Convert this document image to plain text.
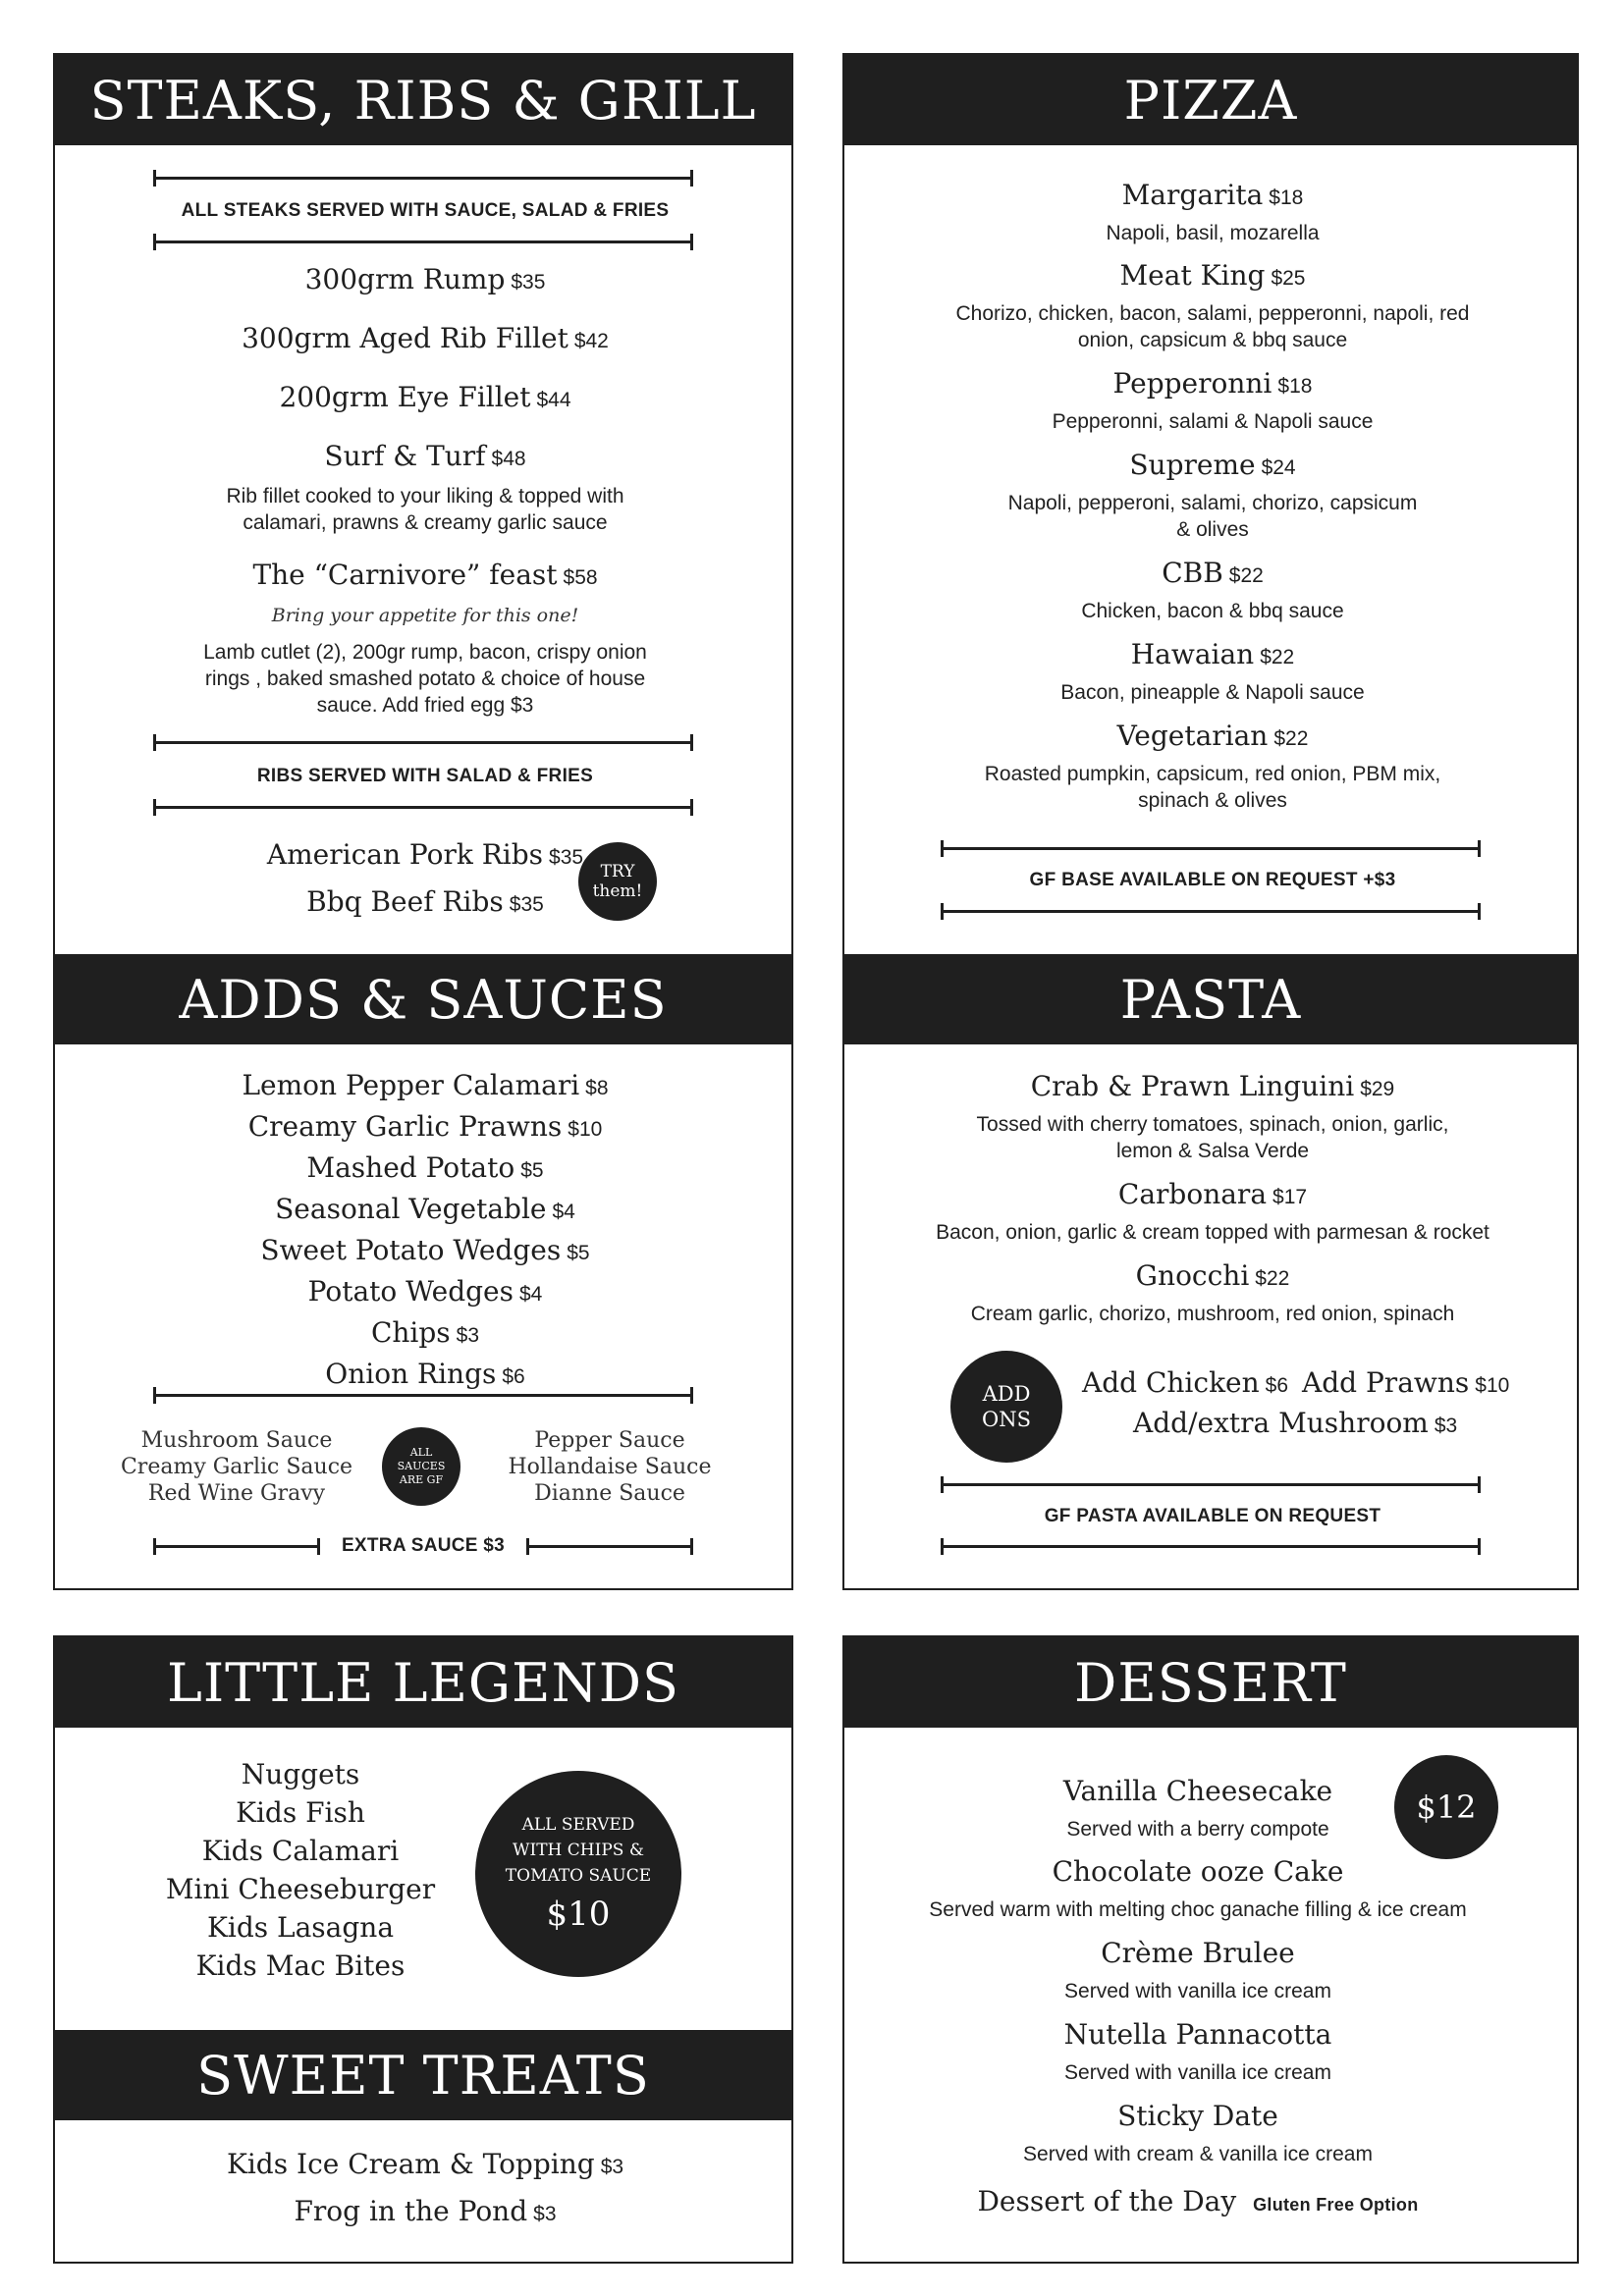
STEAKS, RIBS & GRILL
ALL STEAKS SERVED WITH SAUCE, SALAD & FRIES
300grm Rump $35
300grm Aged Rib Fillet $42
200grm Eye Fillet $44
Surf & Turf $48
Rib fillet cooked to your liking & topped with calamari, prawns & creamy garlic sauce
The “Carnivore” feast $58
Bring your appetite for this one!
Lamb cutlet (2), 200gr rump, bacon, crispy onion rings , baked smashed potato & choice of house sauce. Add fried egg $3
RIBS SERVED WITH SALAD & FRIES
American Pork Ribs $35
Bbq Beef Ribs $35
TRY
them!
ADDS & SAUCES
Lemon Pepper Calamari $8
Creamy Garlic Prawns $10
Mashed Potato $5
Seasonal Vegetable $4
Sweet Potato Wedges $5
Potato Wedges $4
Chips $3
Onion Rings $6
Mushroom Sauce
Creamy Garlic Sauce
Red Wine Gravy
ALL
SAUCES
ARE GF
Pepper Sauce
Hollandaise Sauce
Dianne Sauce
EXTRA SAUCE $3
PIZZA
Margarita $18
Napoli, basil, mozarella
Meat King $25
Chorizo, chicken, bacon, salami, pepperonni, napoli, red onion, capsicum & bbq sauce
Pepperonni $18
Pepperonni, salami & Napoli sauce
Supreme $24
Napoli, pepperoni, salami, chorizo, capsicum & olives
CBB $22
Chicken, bacon & bbq sauce
Hawaian $22
Bacon, pineapple & Napoli sauce
Vegetarian $22
Roasted pumpkin, capsicum, red onion, PBM mix, spinach & olives
GF BASE AVAILABLE ON REQUEST +$3
PASTA
Crab & Prawn Linguini $29
Tossed with cherry tomatoes, spinach, onion, garlic, lemon & Salsa Verde
Carbonara $17
Bacon, onion, garlic & cream topped with parmesan & rocket
Gnocchi $22
Cream garlic, chorizo, mushroom, red onion, spinach
ADD
ONS
Add Chicken $6 Add Prawns $10
Add/extra Mushroom $3
GF PASTA AVAILABLE ON REQUEST
LITTLE LEGENDS
Nuggets
Kids Fish
Kids Calamari
Mini Cheeseburger
Kids Lasagna
Kids Mac Bites
ALL SERVED
WITH CHIPS &
TOMATO SAUCE
$10
SWEET TREATS
Kids Ice Cream & Topping $3
Frog in the Pond $3
DESSERT
$12
Vanilla Cheesecake
Served with a berry compote
Chocolate ooze Cake
Served warm with melting choc ganache filling & ice cream
Crème Brulee
Served with vanilla ice cream
Nutella Pannacotta
Served with vanilla ice cream
Sticky Date
Served with cream & vanilla ice cream
Dessert of the Day Gluten Free Option
